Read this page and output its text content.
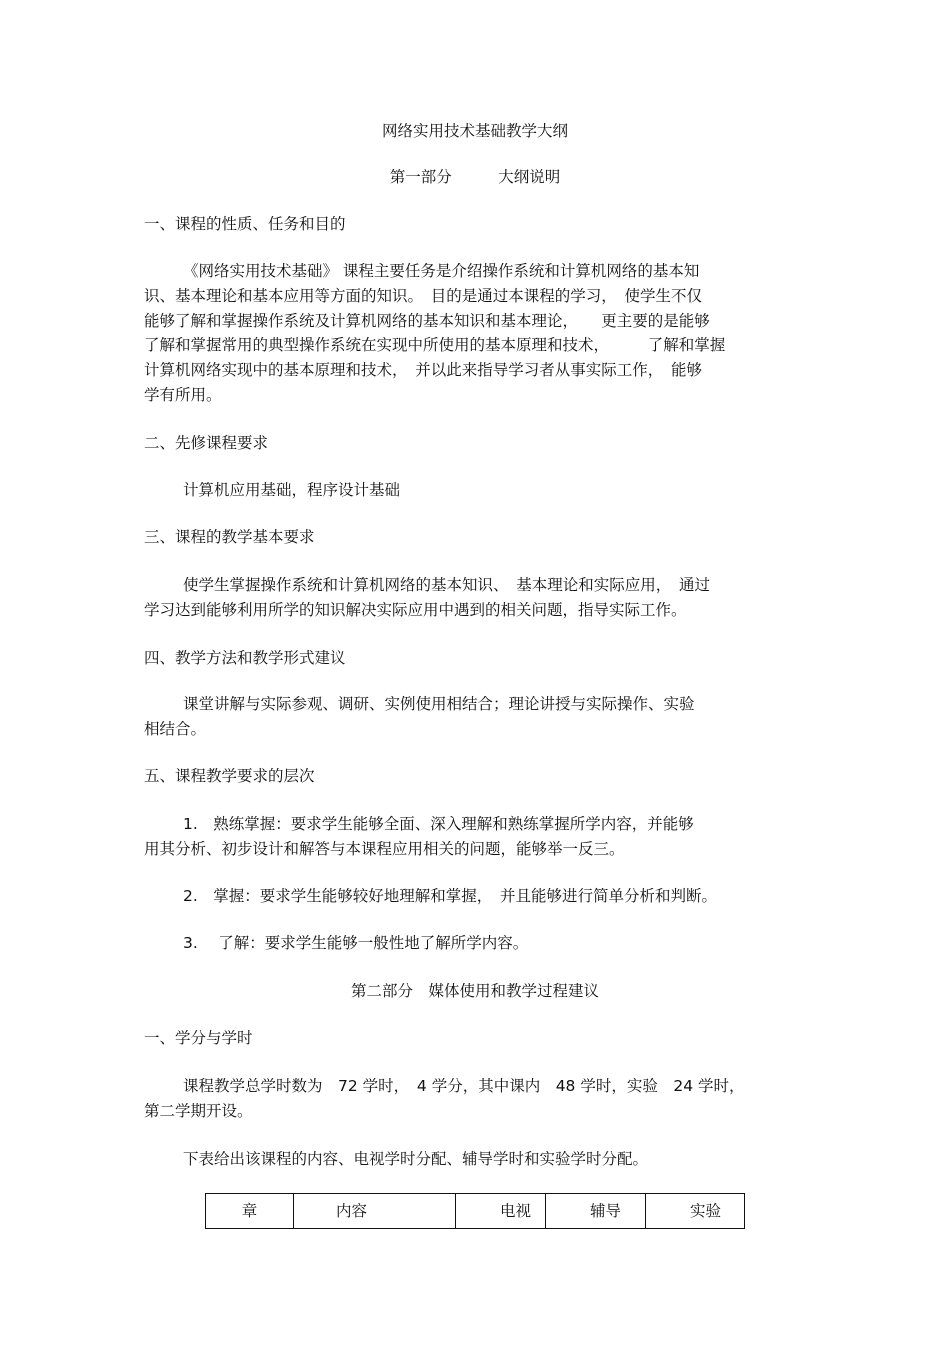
网络实用技术基础教学大纲

第一部分　　　大纲说明

一、课程的性质、任务和目的

《网络实用技术基础》 课程主要任务是介绍操作系统和计算机网络的基本知

识、基本理论和基本应用等方面的知识。　目的是通过本课程的学习，　使学生不仅

能够了解和掌握操作系统及计算机网络的基本知识和基本理论，　　更主要的是能够

了解和掌握常用的典型操作系统在实现中所使用的基本原理和技术，　　　了解和掌握

计算机网络实现中的基本原理和技术，　并以此来指导学习者从事实际工作，　能够

学有所用。

二、先修课程要求

计算机应用基础，程序设计基础

三、课程的教学基本要求

使学生掌握操作系统和计算机网络的基本知识、　基本理论和实际应用，　通过

学习达到能够利用所学的知识解决实际应用中遇到的相关问题，指导实际工作。

四、教学方法和教学形式建议

课堂讲解与实际参观、调研、实例使用相结合；理论讲授与实际操作、实验

相结合。

五、课程教学要求的层次

1.　熟练掌握：要求学生能够全面、深入理解和熟练掌握所学内容，并能够

用其分析、初步设计和解答与本课程应用相关的问题，能够举一反三。

2.　掌握：要求学生能够较好地理解和掌握，　并且能够进行简单分析和判断。

3.　 了解：要求学生能够一般性地了解所学内容。

第二部分　媒体使用和教学过程建议

一、学分与学时

课程教学总学时数为　72 学时，　4 学分，其中课内　48 学时，实验　24 学时，

第二学期开设。

下表给出该课程的内容、电视学时分配、辅导学时和实验学时分配。

章	内容	电视	辅导	实验
